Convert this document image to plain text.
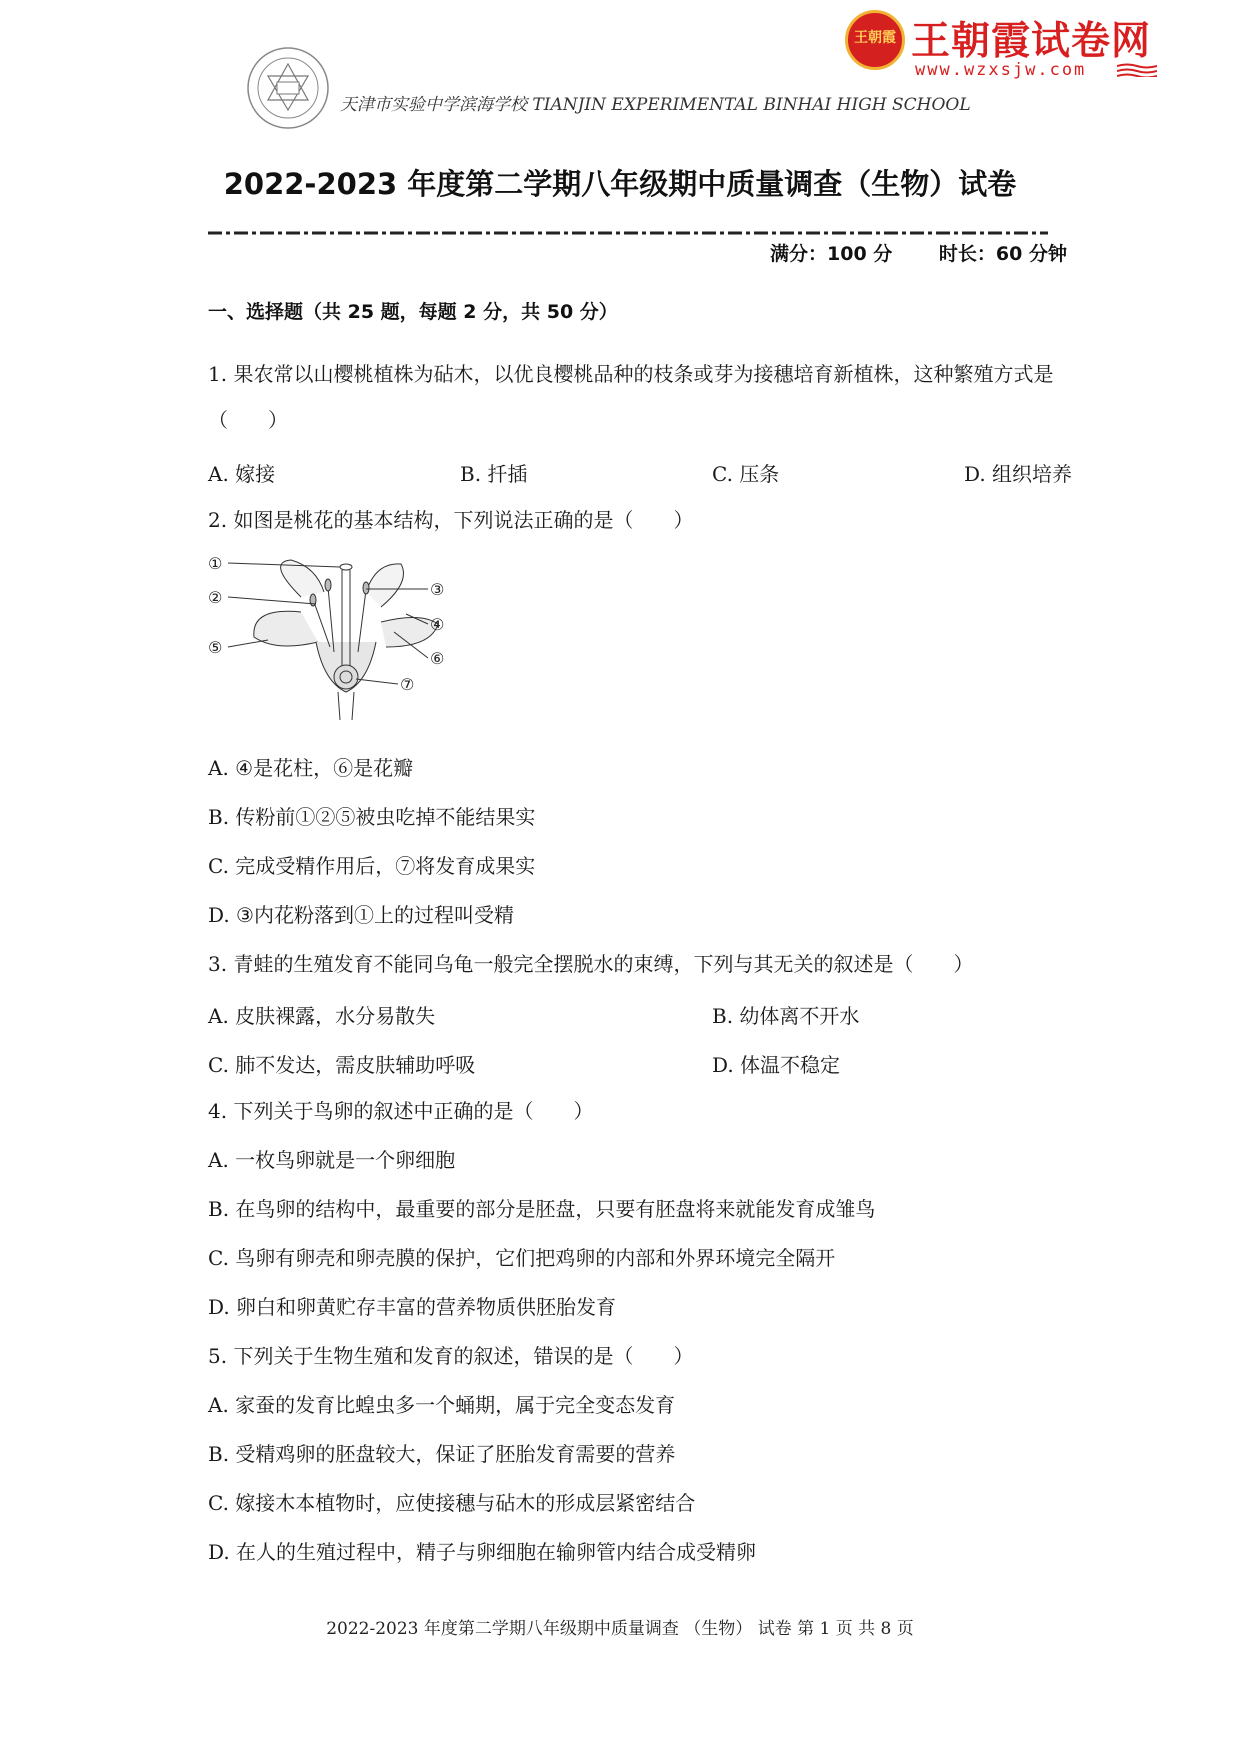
王朝霞 王朝霞试卷网
www.wzxsjw.com
天津市实验中学滨海学校 TIANJIN EXPERIMENTAL BINHAI HIGH SCHOOL
2022-2023 年度第二学期八年级期中质量调查（生物）试卷
满分：100 分 时长：60 分钟
一、选择题（共 25 题，每题 2 分，共 50 分）
1. 果农常以山樱桃植株为砧木，以优良樱桃品种的枝条或芽为接穗培育新植株，这种繁殖方式是
（　　）
A. 嫁接	B. 扦插	C. 压条	D. 组织培养
2. 如图是桃花的基本结构，下列说法正确的是（　　）
①
②	③
④
⑤
⑥
⑦
A. ④是花柱，⑥是花瓣
B. 传粉前①②⑤被虫吃掉不能结果实
C. 完成受精作用后，⑦将发育成果实
D. ③内花粉落到①上的过程叫受精
3. 青蛙的生殖发育不能同乌龟一般完全摆脱水的束缚，下列与其无关的叙述是（　　）
A. 皮肤裸露，水分易散失	B. 幼体离不开水
C. 肺不发达，需皮肤辅助呼吸	D. 体温不稳定
4. 下列关于鸟卵的叙述中正确的是（　　）
A. 一枚鸟卵就是一个卵细胞
B. 在鸟卵的结构中，最重要的部分是胚盘，只要有胚盘将来就能发育成雏鸟
C. 鸟卵有卵壳和卵壳膜的保护，它们把鸡卵的内部和外界环境完全隔开
D. 卵白和卵黄贮存丰富的营养物质供胚胎发育
5. 下列关于生物生殖和发育的叙述，错误的是（　　）
A. 家蚕的发育比蝗虫多一个蛹期，属于完全变态发育
B. 受精鸡卵的胚盘较大，保证了胚胎发育需要的营养
C. 嫁接木本植物时，应使接穗与砧木的形成层紧密结合
D. 在人的生殖过程中，精子与卵细胞在输卵管内结合成受精卵
2022-2023 年度第二学期八年级期中质量调查 （生物） 试卷 第 1 页 共 8 页
